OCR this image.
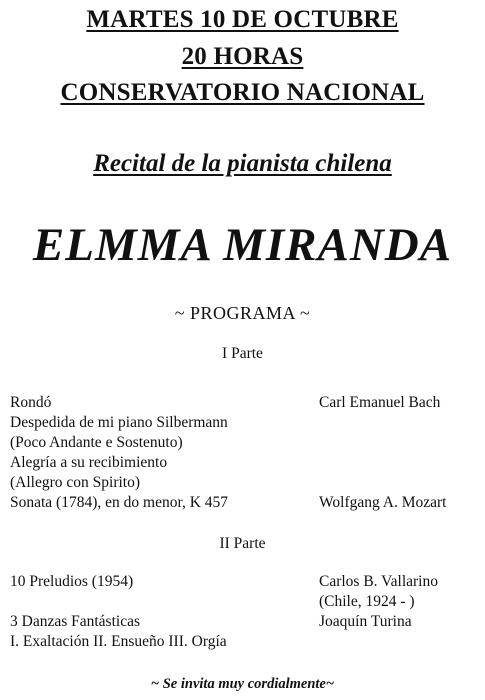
MARTES 10 DE OCTUBRE
20 HORAS
CONSERVATORIO NACIONAL
Recital de la pianista chilena
ELMMA MIRANDA
~ PROGRAMA ~
I Parte
Rondó
Despedida de mi piano Silbermann
(Poco Andante e Sostenuto)
Alegría a su recibimiento
(Allegro con Spirito)
Sonata (1784), en do menor, K 457
Carl Emanuel Bach
Wolfgang A. Mozart
II Parte
10 Preludios (1954)
3 Danzas Fantásticas
I. Exaltación II. Ensueño III. Orgía
Carlos B. Vallarino
(Chile, 1924 - )
Joaquín Turina
~ Se invita muy cordialmente~
